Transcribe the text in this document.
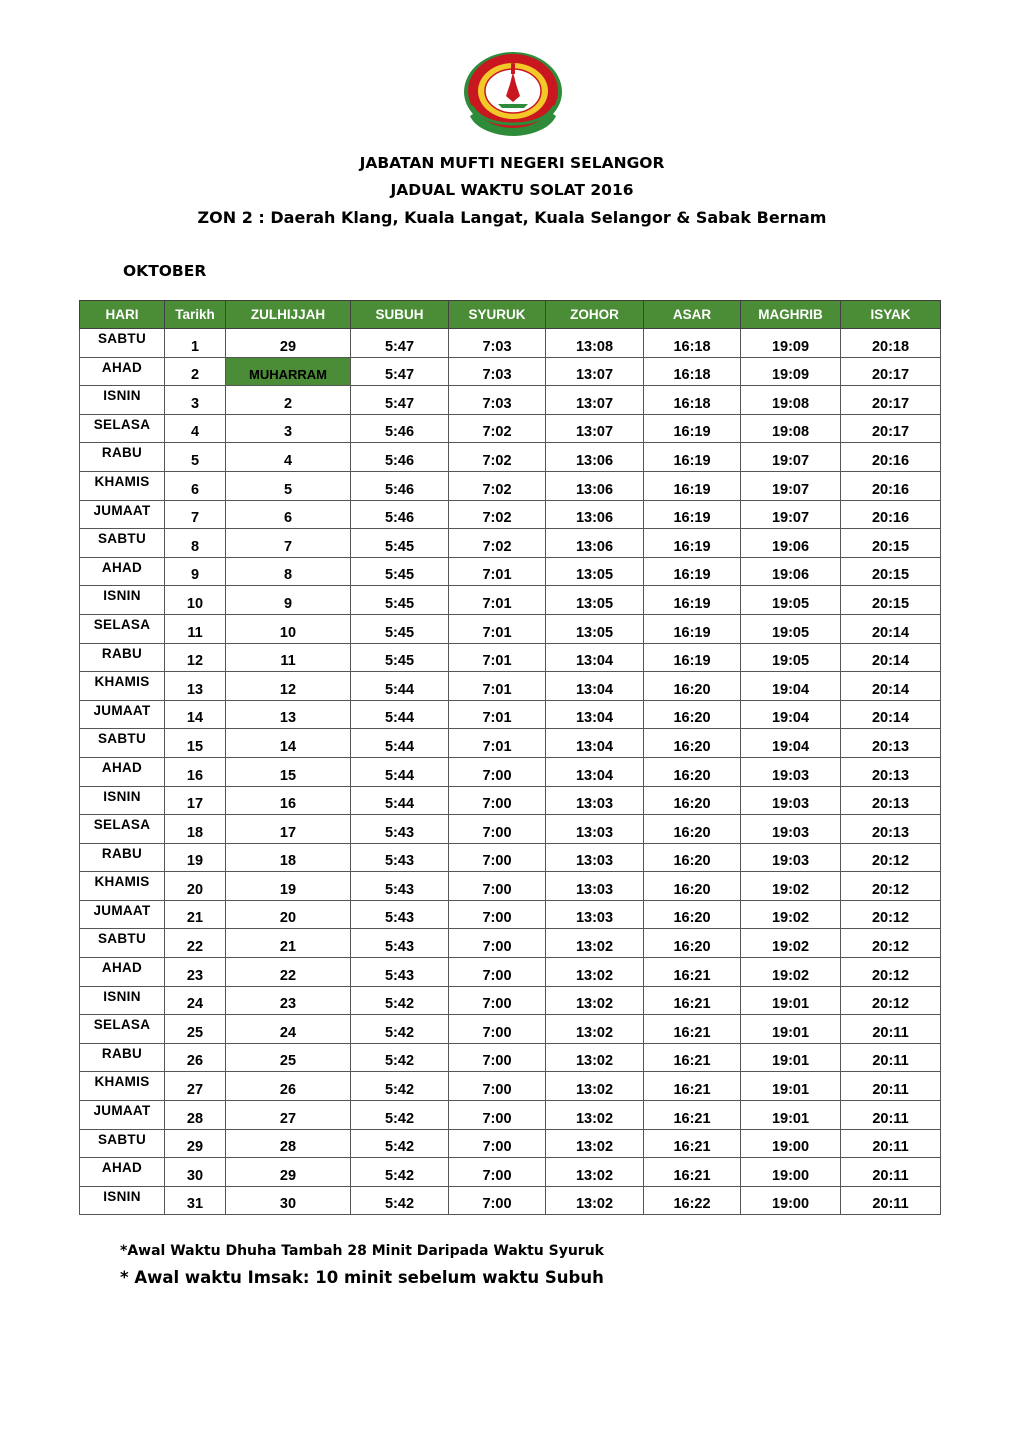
JABATAN MUFTI NEGERI SELANGOR
JADUAL WAKTU SOLAT 2016
ZON 2 : Daerah Klang, Kuala Langat, Kuala Selangor & Sabak Bernam
OKTOBER
HARI	Tarikh	ZULHIJJAH	SUBUH	SYURUK	ZOHOR	ASAR	MAGHRIB	ISYAK
SABTU	1	29	5:47	7:03	13:08	16:18	19:09	20:18
AHAD	2	MUHARRAM	5:47	7:03	13:07	16:18	19:09	20:17
ISNIN	3	2	5:47	7:03	13:07	16:18	19:08	20:17
SELASA	4	3	5:46	7:02	13:07	16:19	19:08	20:17
RABU	5	4	5:46	7:02	13:06	16:19	19:07	20:16
KHAMIS	6	5	5:46	7:02	13:06	16:19	19:07	20:16
JUMAAT	7	6	5:46	7:02	13:06	16:19	19:07	20:16
SABTU	8	7	5:45	7:02	13:06	16:19	19:06	20:15
AHAD	9	8	5:45	7:01	13:05	16:19	19:06	20:15
ISNIN	10	9	5:45	7:01	13:05	16:19	19:05	20:15
SELASA	11	10	5:45	7:01	13:05	16:19	19:05	20:14
RABU	12	11	5:45	7:01	13:04	16:19	19:05	20:14
KHAMIS	13	12	5:44	7:01	13:04	16:20	19:04	20:14
JUMAAT	14	13	5:44	7:01	13:04	16:20	19:04	20:14
SABTU	15	14	5:44	7:01	13:04	16:20	19:04	20:13
AHAD	16	15	5:44	7:00	13:04	16:20	19:03	20:13
ISNIN	17	16	5:44	7:00	13:03	16:20	19:03	20:13
SELASA	18	17	5:43	7:00	13:03	16:20	19:03	20:13
RABU	19	18	5:43	7:00	13:03	16:20	19:03	20:12
KHAMIS	20	19	5:43	7:00	13:03	16:20	19:02	20:12
JUMAAT	21	20	5:43	7:00	13:03	16:20	19:02	20:12
SABTU	22	21	5:43	7:00	13:02	16:20	19:02	20:12
AHAD	23	22	5:43	7:00	13:02	16:21	19:02	20:12
ISNIN	24	23	5:42	7:00	13:02	16:21	19:01	20:12
SELASA	25	24	5:42	7:00	13:02	16:21	19:01	20:11
RABU	26	25	5:42	7:00	13:02	16:21	19:01	20:11
KHAMIS	27	26	5:42	7:00	13:02	16:21	19:01	20:11
JUMAAT	28	27	5:42	7:00	13:02	16:21	19:01	20:11
SABTU	29	28	5:42	7:00	13:02	16:21	19:00	20:11
AHAD	30	29	5:42	7:00	13:02	16:21	19:00	20:11
ISNIN	31	30	5:42	7:00	13:02	16:22	19:00	20:11
*Awal Waktu Dhuha Tambah 28 Minit Daripada Waktu Syuruk
* Awal waktu Imsak: 10 minit sebelum waktu Subuh
